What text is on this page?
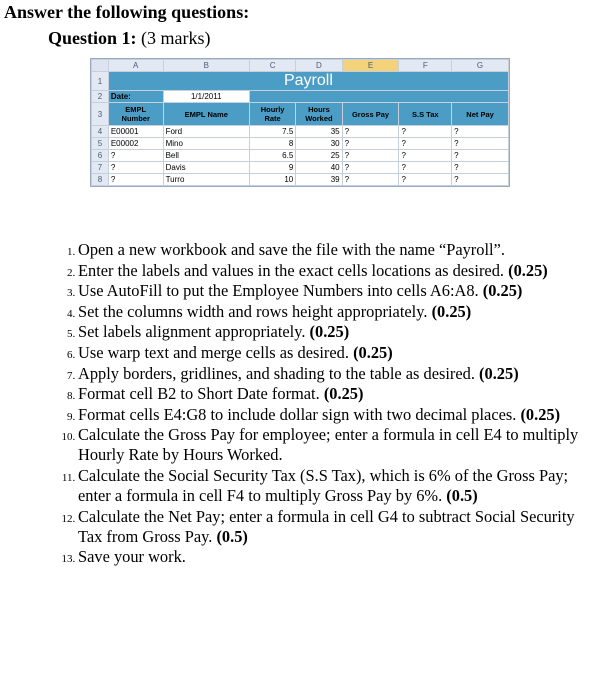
Answer the following questions:
Question 1: (3 marks)
	A	B	C	D	E	F	G
1	Payroll						
2	Date:	1/1/2011					
3	EMPL Number	EMPL Name	Hourly Rate	Hours Worked	Gross Pay	S.S Tax	Net Pay
4	E00001	Ford	7.5	35	?	?	?
5	E00002	Mino	8	30	?	?	?
6	?	Bell	6.5	25	?	?	?
7	?	Davis	9	40	?	?	?
8	?	Turro	10	39	?	?	?
1. Open a new workbook and save the file with the name “Payroll”.
2. Enter the labels and values in the exact cells locations as desired. (0.25)
3. Use AutoFill to put the Employee Numbers into cells A6:A8. (0.25)
4. Set the columns width and rows height appropriately. (0.25)
5. Set labels alignment appropriately. (0.25)
6. Use warp text and merge cells as desired. (0.25)
7. Apply borders, gridlines, and shading to the table as desired. (0.25)
8. Format cell B2 to Short Date format. (0.25)
9. Format cells E4:G8 to include dollar sign with two decimal places. (0.25)
10. Calculate the Gross Pay for employee; enter a formula in cell E4 to multiply Hourly Rate by Hours Worked.
11. Calculate the Social Security Tax (S.S Tax), which is 6% of the Gross Pay; enter a formula in cell F4 to multiply Gross Pay by 6%. (0.5)
12. Calculate the Net Pay; enter a formula in cell G4 to subtract Social Security Tax from Gross Pay. (0.5)
13. Save your work.
